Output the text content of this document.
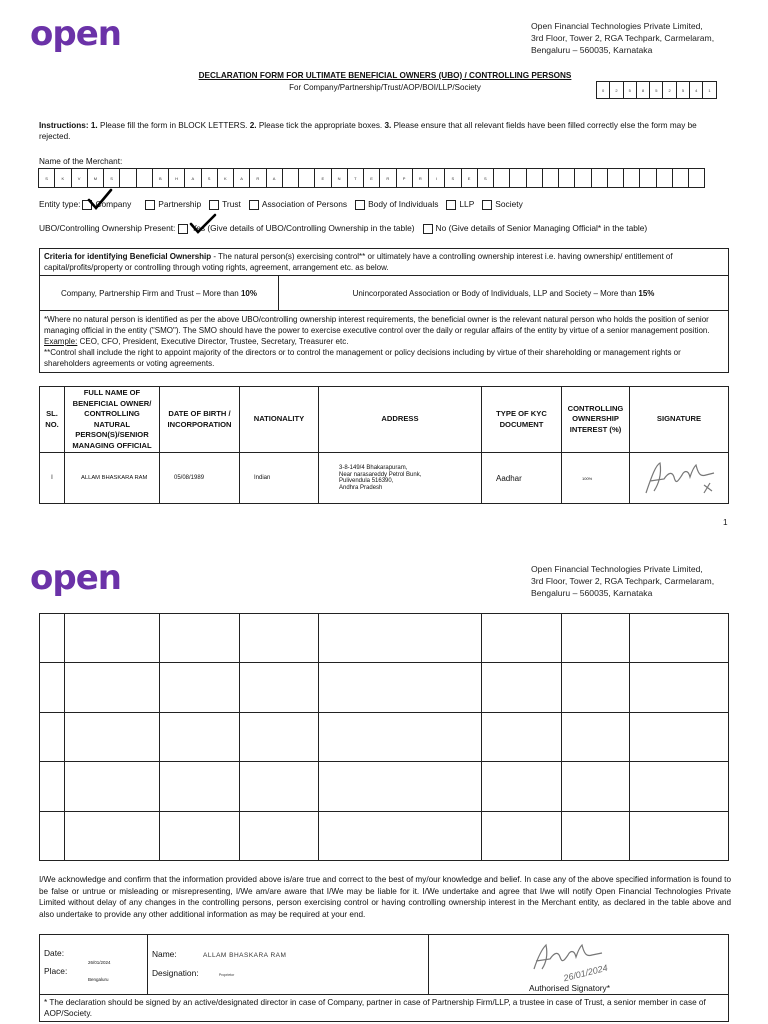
open	Open Financial Technologies Private Limited,
3rd Floor, Tower 2, RGA Techpark, Carmelaram,
Bengaluru – 560035, Karnataka
DECLARATION FORM FOR ULTIMATE BENEFICIAL OWNERS (UBO) / CONTROLLING PERSONS
For Company/Partnership/Trust/AOP/BOI/LLP/Society	0	2	5	8	5	2	5	4	1
Instructions: 1. Please fill the form in BLOCK LETTERS. 2. Please tick the appropriate boxes. 3. Please ensure that all relevant fields have been filled correctly else the form may be rejected.
Name of the Merchant:
S	K	V	M	S	B	H	A	S	K	A	R	A	E	N	T	E	R	P	R	I	S	E	S
Entity type:	Company	Partnership	Trust	Association of Persons	Body of Individuals	LLP	Society
UBO/Controlling Ownership Present:	Yes (Give details of UBO/Controlling Ownership in the table)	No (Give details of Senior Managing Official* in the table)
Criteria for identifying Beneficial Ownership - The natural person(s) exercising control** or ultimately have a controlling ownership interest i.e. having ownership/ entitlement of capital/profits/property or controlling through voting rights, agreement, arrangement etc. as below.
Company, Partnership Firm and Trust – More than 10%	Unincorporated Association or Body of Individuals, LLP and Society – More than 15%
*Where no natural person is identified as per the above UBO/controlling ownership interest requirements, the beneficial owner is the relevant natural person who holds the position of senior managing official in the entity ("SMO"). The SMO should have the power to exercise executive control over the daily or regular affairs of the entity by virtue of a senior management position. Example: CEO, CFO, President, Executive Director, Trustee, Secretary, Treasurer etc.
**Control shall include the right to appoint majority of the directors or to control the management or policy decisions including by virtue of their shareholding or management rights or shareholders agreements or voting agreements.
SL. NO.	FULL NAME OF BENEFICIAL OWNER/ CONTROLLING NATURAL PERSON(S)/SENIOR MANAGING OFFICIAL	DATE OF BIRTH / INCORPORATION	NATIONALITY	ADDRESS	TYPE OF KYC DOCUMENT	CONTROLLING OWNERSHIP INTEREST (%)	SIGNATURE
I	ALLAM BHASKARA RAM	05/08/1989	Indian	3-8-149/4 Bhakarapuram,
Near narasareddy Petrol Bunk,
Pulivendula 516390,
Andhra Pradesh	Aadhar	100%	
1
open	Open Financial Technologies Private Limited,
3rd Floor, Tower 2, RGA Techpark, Carmelaram,
Bengaluru – 560035, Karnataka

I/We acknowledge and confirm that the information provided above is/are true and correct to the best of my/our knowledge and belief. In case any of the above specified information is found to be false or untrue or misleading or misrepresenting, I/We am/are aware that I/We may be liable for it. I/We undertake and agree that I/we will notify Open Financial Technologies Private Limited without delay of any changes in the controlling persons, person exercising control or having controlling ownership interest in the Merchant entity, as declared in the table above and also undertake to provide any other additional information as may be required at your end.
Date:
26/01/2024
Place:
Bengaluru

Name:	ALLAM BHASKARA RAM
Designation:	Proprietor	26/01/2024
Authorised Signatory*

* The declaration should be signed by an active/designated director in case of Company, partner in case of Partnership Firm/LLP, a trustee in case of Trust, a senior member in case of AOP/Society.
